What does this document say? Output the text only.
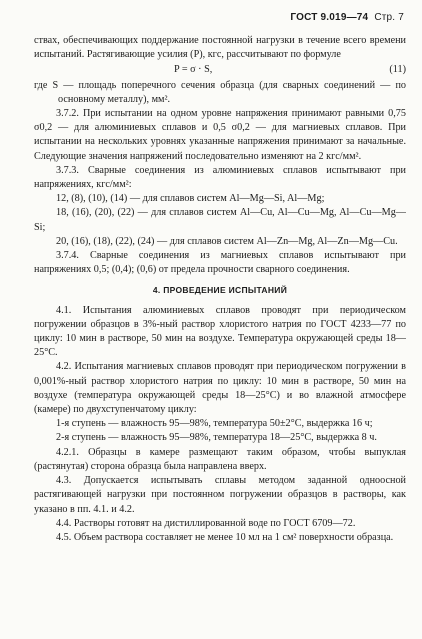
ГОСТ 9.019—74 Стр. 7

ствах, обеспечивающих поддержание постоянной нагрузки в течение всего времени испытаний. Растягивающие усилия (P), кгс, рассчитывают по формуле

P = σ · S,	(11)

где S — площадь поперечного сечения образца (для сварных соединений — по основному металлу), мм².

3.7.2. При испытании на одном уровне напряжения принимают равными 0,75 σ0,2 — для алюминиевых сплавов и 0,5 σ0,2 — для магниевых сплавов. При испытании на нескольких уровнях указанные напряжения принимают за начальные. Следующие значения напряжений последовательно изменяют на 2 кгс/мм².

3.7.3. Сварные соединения из алюминиевых сплавов испытывают при напряжениях, кгс/мм²:

12, (8), (10), (14) — для сплавов систем Al—Mg—Si, Al—Mg;

18, (16), (20), (22) — для сплавов систем Al—Cu, Al—Cu—Mg, Al—Cu—Mg—Si;

20, (16), (18), (22), (24) — для сплавов систем Al—Zn—Mg, Al—Zn—Mg—Cu.

3.7.4. Сварные соединения из магниевых сплавов испытывают при напряжениях 0,5; (0,4); (0,6) от предела прочности сварного соединения.

4. ПРОВЕДЕНИЕ ИСПЫТАНИЙ

4.1. Испытания алюминиевых сплавов проводят при периодическом погружении образцов в 3%-ный раствор хлористого натрия по ГОСТ 4233—77 по циклу: 10 мин в растворе, 50 мин на воздухе. Температура окружающей среды 18—25°C.

4.2. Испытания магниевых сплавов проводят при периодическом погружении в 0,001%-ный раствор хлористого натрия по циклу: 10 мин в растворе, 50 мин на воздухе (температура окружающей среды 18—25°C) и во влажной атмосфере (камере) по двухступенчатому циклу:

1-я ступень — влажность 95—98%, температура 50±2°C, выдержка 16 ч;

2-я ступень — влажность 95—98%, температура 18—25°C, выдержка 8 ч.

4.2.1. Образцы в камере размещают таким образом, чтобы выпуклая (растянутая) сторона образца была направлена вверх.

4.3. Допускается испытывать сплавы методом заданной однoосной растягивающей нагрузки при постоянном погружении образцов в растворы, как указано в пп. 4.1. и 4.2.

4.4. Растворы готовят на дистиллированной воде по ГОСТ 6709—72.

4.5. Объем раствора составляет не менее 10 мл на 1 см² поверхности образца.
